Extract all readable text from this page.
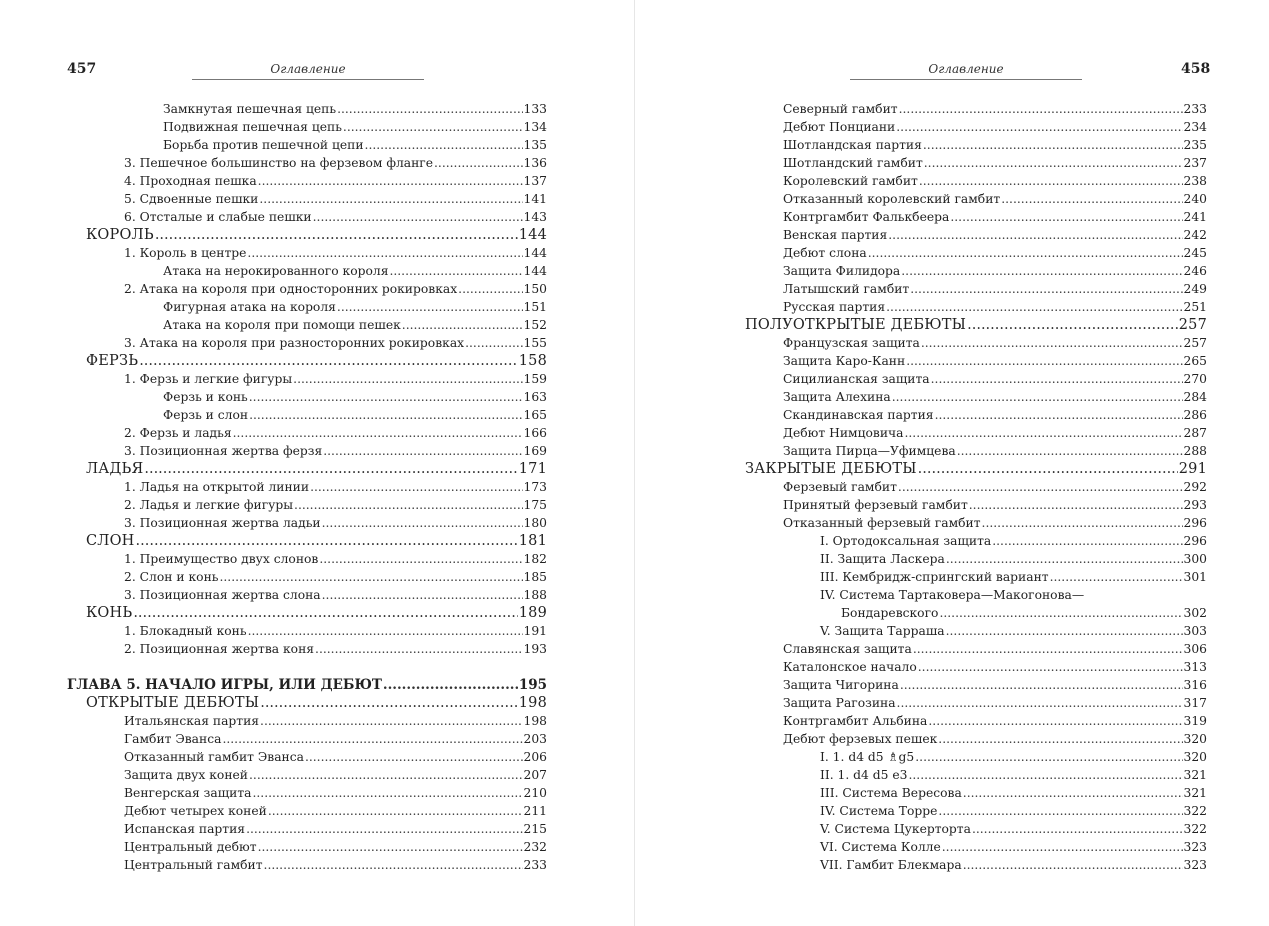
457	Оглавление
Замкнутая пешечная цепь .....	133
Подвижная пешечная цепь .....	134
Борьба против пешечной цепи .....	135
3. Пешечное большинство на ферзевом фланге .....	136
4. Проходная пешка .....	137
5. Сдвоенные пешки .....	141
6. Отсталые и слабые пешки .....	143
КОРОЛЬ .....	144
1. Король в центре .....	144
Атака на нерокированного короля .....	144
2. Атака на короля при односторонних рокировках .....	150
Фигурная атака на короля .....	151
Атака на короля при помощи пешек .....	152
3. Атака на короля при разносторонних рокировках .....	155
ФЕРЗЬ .....	158
1. Ферзь и легкие фигуры .....	159
Ферзь и конь .....	163
Ферзь и слон .....	165
2. Ферзь и ладья .....	166
3. Позиционная жертва ферзя .....	169
ЛАДЬЯ .....	171
1. Ладья на открытой линии .....	173
2. Ладья и легкие фигуры .....	175
3. Позиционная жертва ладьи .....	180
СЛОН .....	181
1. Преимущество двух слонов .....	182
2. Слон и конь .....	185
3. Позиционная жертва слона .....	188
КОНЬ .....	189
1. Блокадный конь .....	191
2. Позиционная жертва коня .....	193
ГЛАВА 5. НАЧАЛО ИГРЫ, ИЛИ ДЕБЮТ .....	195
ОТКРЫТЫЕ ДЕБЮТЫ .....	198
Итальянская партия .....	198
Гамбит Эванса .....	203
Отказанный гамбит Эванса .....	206
Защита двух коней .....	207
Венгерская защита .....	210
Дебют четырех коней .....	211
Испанская партия .....	215
Центральный дебют .....	232
Центральный гамбит .....	233
458
Оглавление
Северный гамбит .....	233
Дебют Понциани .....	234
Шотландская партия .....	235
Шотландский гамбит .....	237
Королевский гамбит .....	238
Отказанный королевский гамбит .....	240
Контргамбит Фалькбеера .....	241
Венская партия .....	242
Дебют слона .....	245
Защита Филидора .....	246
Латышский гамбит .....	249
Русская партия .....	251
ПОЛУОТКРЫТЫЕ ДЕБЮТЫ .....	257
Французская защита .....	257
Защита Каро-Канн .....	265
Сицилианская защита .....	270
Защита Алехина .....	284
Скандинавская партия .....	286
Дебют Нимцовича .....	287
Защита Пирца—Уфимцева .....	288
ЗАКРЫТЫЕ ДЕБЮТЫ .....	291
Ферзевый гамбит .....	292
Принятый ферзевый гамбит .....	293
Отказанный ферзевый гамбит .....	296
I. Ортодоксальная защита .....	296
II. Защита Ласкера .....	300
III. Кембридж-спрингский вариант .....	301
IV. Система Тартаковера—Макогонова—
Бондаревского .....	302
V. Защита Тарраша .....	303
Славянская защита .....	306
Каталонское начало .....	313
Защита Чигорина .....	316
Защита Рагозина .....	317
Контргамбит Альбина .....	319
Дебют ферзевых пешек .....	320
I. 1. d4 d5 ♗g5 .....	320
II. 1. d4 d5 e3 .....	321
III. Система Вересова .....	321
IV. Система Торре .....	322
V. Система Цукерторта .....	322
VI. Система Колле .....	323
VII. Гамбит Блекмара .....	323
